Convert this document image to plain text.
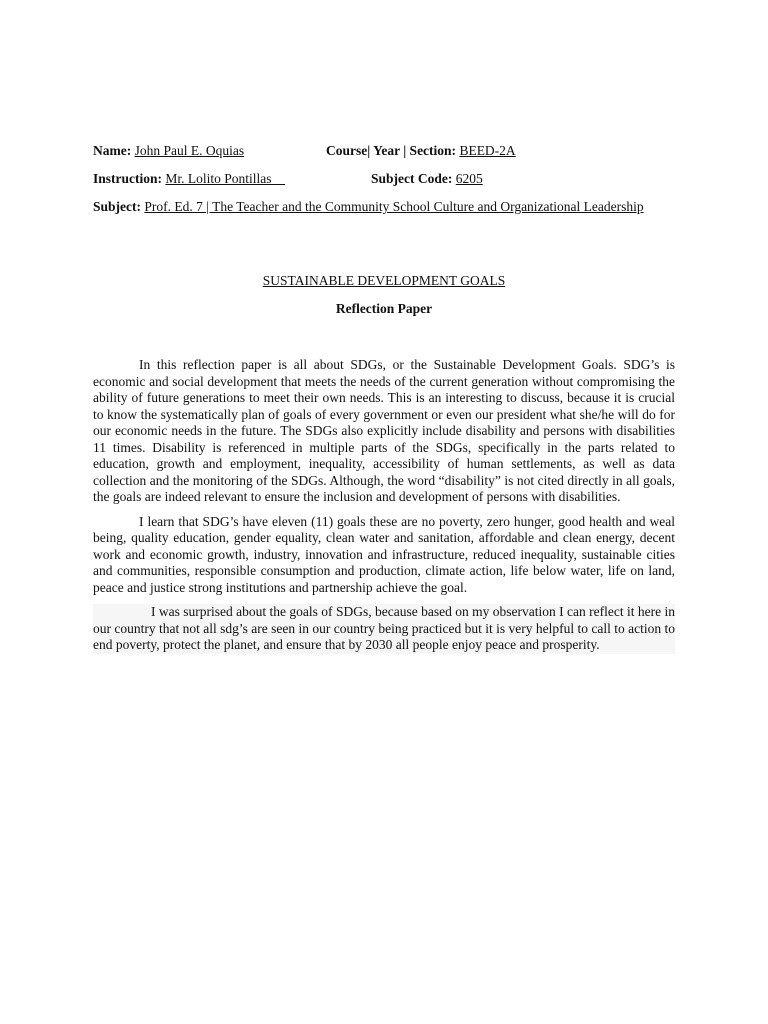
Name: John Paul E. Oquias	Course| Year | Section: BEED-2A
Instruction: Mr. Lolito Pontillas	Subject Code: 6205
Subject: Prof. Ed. 7 | The Teacher and the Community School Culture and Organizational Leadership
SUSTAINABLE DEVELOPMENT GOALS
Reflection Paper

In this reflection paper is all about SDGs, or the Sustainable Development Goals. SDG’s is economic and social development that meets the needs of the current generation without compromising the ability of future generations to meet their own needs. This is an interesting to discuss, because it is crucial to know the systematically plan of goals of every government or even our president what she/he will do for our economic needs in the future. The SDGs also explicitly include disability and persons with disabilities 11 times. Disability is referenced in multiple parts of the SDGs, specifically in the parts related to education, growth and employment, inequality, accessibility of human settlements, as well as data collection and the monitoring of the SDGs. Although, the word “disability” is not cited directly in all goals, the goals are indeed relevant to ensure the inclusion and development of persons with disabilities.

I learn that SDG’s have eleven (11) goals these are no poverty, zero hunger, good health and weal being, quality education, gender equality, clean water and sanitation, affordable and clean energy, decent work and economic growth, industry, innovation and infrastructure, reduced inequality, sustainable cities and communities, responsible consumption and production, climate action, life below water, life on land, peace and justice strong institutions and partnership achieve the goal.

I was surprised about the goals of SDGs, because based on my observation I can reflect it here in our country that not all sdg’s are seen in our country being practiced but it is very helpful to call to action to end poverty, protect the planet, and ensure that by 2030 all people enjoy peace and prosperity.
